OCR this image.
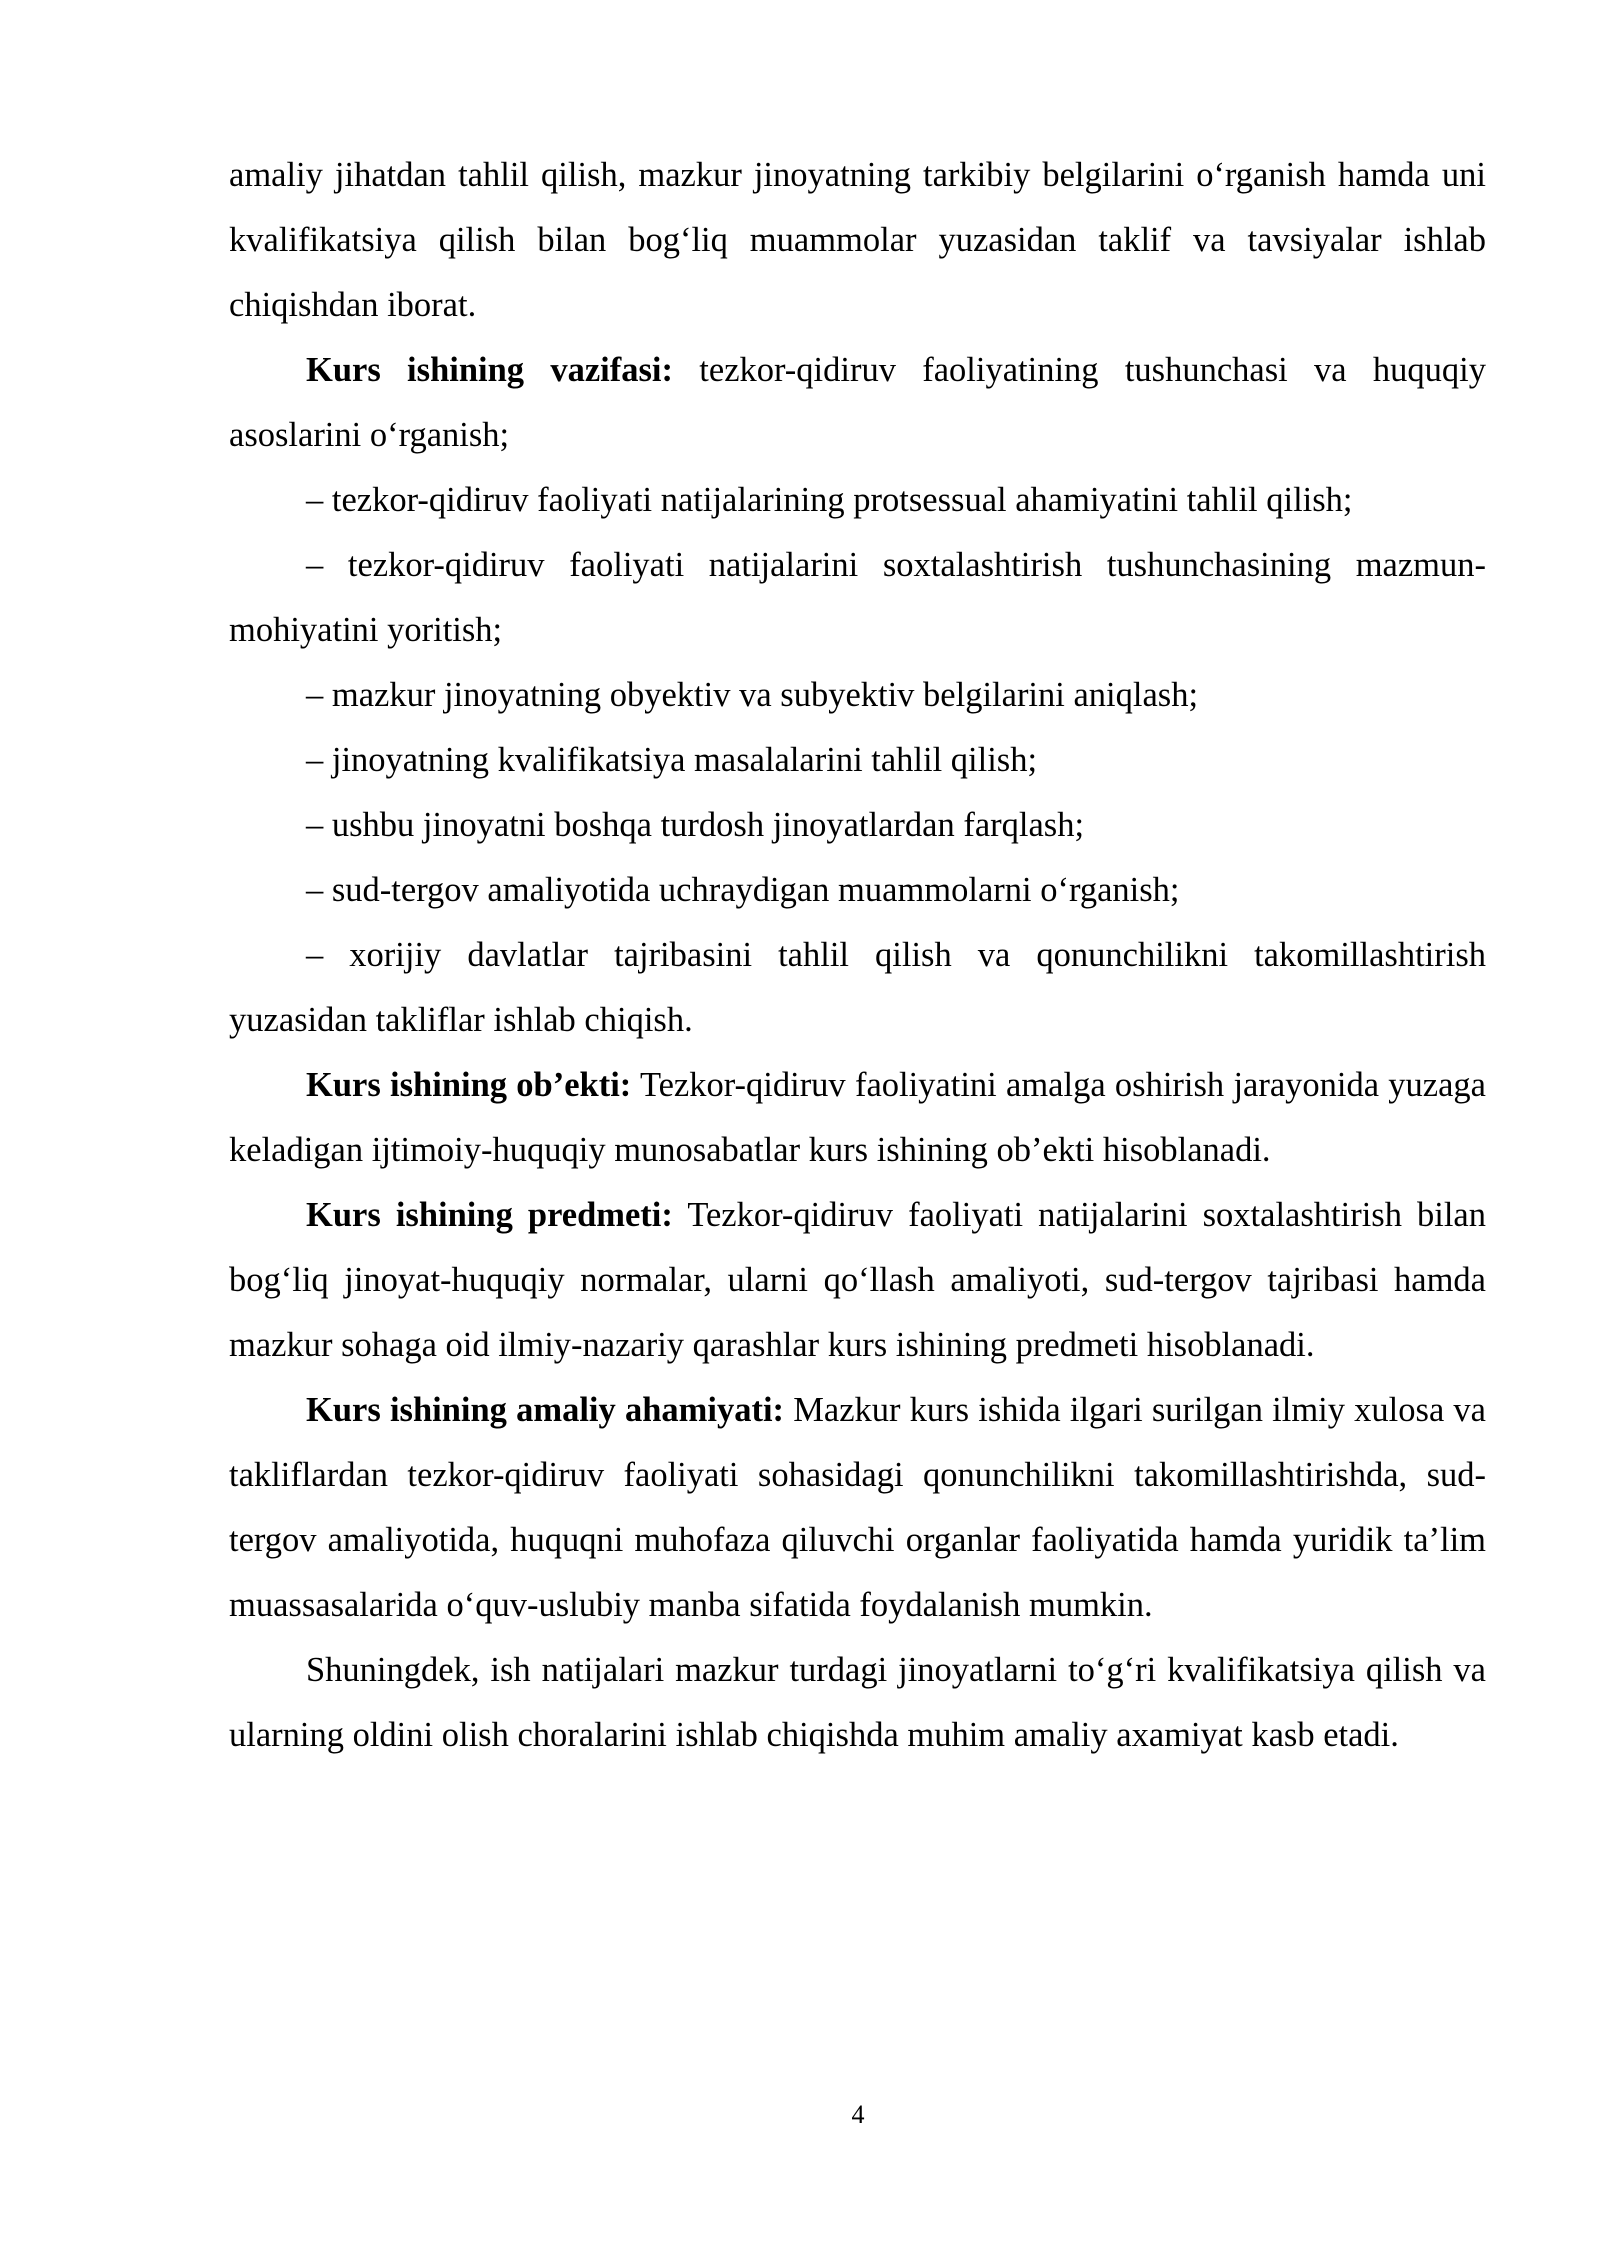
amaliy jihatdan tahlil qilish, mazkur jinoyatning tarkibiy belgilarini o‘rganish hamda uni kvalifikatsiya qilish bilan bog‘liq muammolar yuzasidan taklif va tavsiyalar ishlab chiqishdan iborat.

Kurs ishining vazifasi: tezkor-qidiruv faoliyatining tushunchasi va huquqiy asoslarini o‘rganish;

– tezkor-qidiruv faoliyati natijalarining protsessual ahamiyatini tahlil qilish;

– tezkor-qidiruv faoliyati natijalarini soxtalashtirish tushunchasining mazmun-mohiyatini yoritish;

– mazkur jinoyatning obyektiv va subyektiv belgilarini aniqlash;

– jinoyatning kvalifikatsiya masalalarini tahlil qilish;

– ushbu jinoyatni boshqa turdosh jinoyatlardan farqlash;

– sud-tergov amaliyotida uchraydigan muammolarni o‘rganish;

– xorijiy davlatlar tajribasini tahlil qilish va qonunchilikni takomillashtirish yuzasidan takliflar ishlab chiqish.

Kurs ishining ob’ekti: Tezkor-qidiruv faoliyatini amalga oshirish jarayonida yuzaga keladigan ijtimoiy-huquqiy munosabatlar kurs ishining ob’ekti hisoblanadi.

Kurs ishining predmeti: Tezkor-qidiruv faoliyati natijalarini soxtalashtirish bilan bog‘liq jinoyat-huquqiy normalar, ularni qo‘llash amaliyoti, sud-tergov tajribasi hamda mazkur sohaga oid ilmiy-nazariy qarashlar kurs ishining predmeti hisoblanadi.

Kurs ishining amaliy ahamiyati: Mazkur kurs ishida ilgari surilgan ilmiy xulosa va takliflardan tezkor-qidiruv faoliyati sohasidagi qonunchilikni takomillashtirishda, sud-tergov amaliyotida, huquqni muhofaza qiluvchi organlar faoliyatida hamda yuridik ta’lim muassasalarida o‘quv-uslubiy manba sifatida foydalanish mumkin.

Shuningdek, ish natijalari mazkur turdagi jinoyatlarni to‘g‘ri kvalifikatsiya qilish va ularning oldini olish choralarini ishlab chiqishda muhim amaliy axamiyat kasb etadi.

4
